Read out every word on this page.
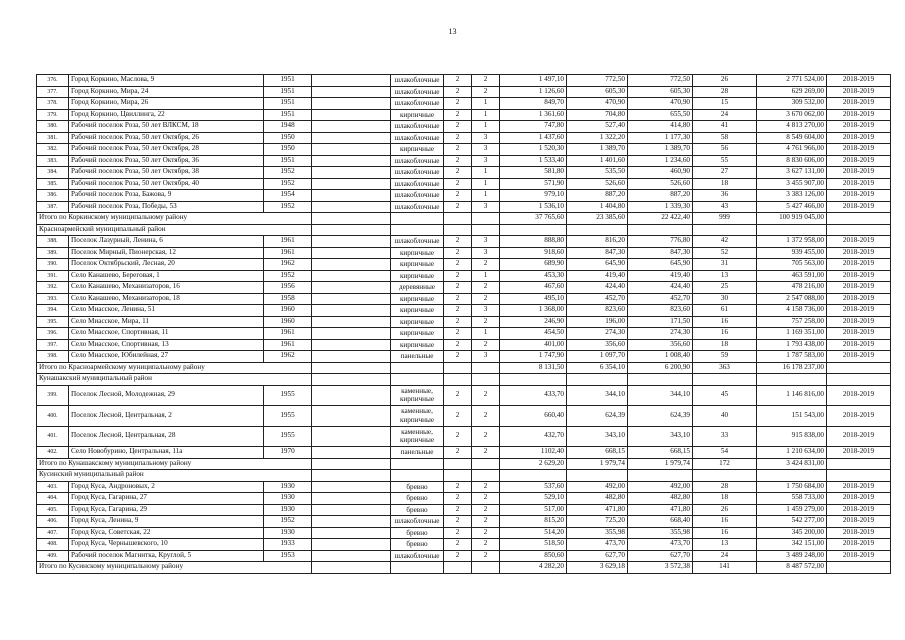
13
376.	Город Коркино, Маслова, 9	1951		шлакоблочные	2	2	1 497,10	772,50	772,50	26	2 771 524,00	2018-2019
377.	Город Коркино, Мира, 24	1951		шлакоблочные	2	2	1 126,60	605,30	605,30	28	629 269,00	2018-2019
378.	Город Коркино, Мира, 26	1951		шлакоблочные	2	1	849,70	470,90	470,90	15	309 532,00	2018-2019
379.	Город Коркино, Цвиллинга, 22	1951		кирпичные	2	1	1 361,60	704,80	655,50	24	3 670 062,00	2018-2019
380.	Рабочий поселок Роза, 50 лет ВЛКСМ, 18	1948		шлакоблочные	2	1	747,80	527,40	414,80	41	4 813 270,00	2018-2019
381.	Рабочий поселок Роза, 50 лет Октября, 26	1950		шлакоблочные	2	3	1 437,60	1 322,20	1 177,30	58	8 549 604,00	2018-2019
382.	Рабочий поселок Роза, 50 лет Октября, 28	1950		кирпичные	2	3	1 520,30	1 389,70	1 389,70	56	4 761 966,00	2018-2019
383.	Рабочий поселок Роза, 50 лет Октября, 36	1951		шлакоблочные	2	3	1 533,40	1 401,60	1 234,60	55	8 830 606,00	2018-2019
384.	Рабочий поселок Роза, 50 лет Октября, 38	1952		шлакоблочные	2	1	581,80	535,50	460,90	27	3 627 131,00	2018-2019
385.	Рабочий поселок Роза, 50 лет Октября, 40	1952		шлакоблочные	2	1	571,90	526,60	526,60	18	3 455 907,00	2018-2019
386.	Рабочий поселок Роза, Бажова, 9	1954		шлакоблочные	2	1	979,10	887,20	887,20	36	3 383 126,00	2018-2019
387.	Рабочий поселок Роза, Победы, 53	1952		шлакоблочные	2	3	1 536,10	1 404,80	1 339,30	43	5 427 466,00	2018-2019
Итого по Коркинскому муниципальному району							37 765,60	23 385,60	22 422,40	999	100 919 045,00	
Красноармейский муниципальный район												
388.	Поселок Лазурный, Ленина, 6	1961		шлакоблочные	2	3	888,80	816,20	776,80	42	1 372 958,00	2018-2019
389.	Поселок Мирный, Пионерская, 12	1961		кирпичные	2	3	918,60	847,30	847,30	52	939 455,00	2018-2019
390.	Поселок Октябрьский, Лесная, 20	1962		кирпичные	2	2	689,90	645,90	645,90	31	705 563,00	2018-2019
391.	Село Канашево, Береговая, 1	1952		кирпичные	2	1	453,30	419,40	419,40	13	463 591,00	2018-2019
392.	Село Канашево, Механизаторов, 16	1956		деревянные	2	2	467,60	424,40	424,40	25	478 216,00	2018-2019
393.	Село Канашево, Механизаторов, 18	1958		кирпичные	2	2	495,10	452,70	452,70	30	2 547 088,00	2018-2019
394.	Село Миасское, Ленина, 51	1960		кирпичные	2	3	1 368,00	823,60	823,60	61	4 158 736,00	2018-2019
395.	Село Миасское, Мира, 11	1960		кирпичные	2	2	246,90	196,00	171,50	16	757 258,00	2018-2019
396.	Село Миасское, Спортивная, 11	1961		кирпичные	2	1	454,50	274,30	274,30	16	1 169 351,00	2018-2019
397.	Село Миасское, Спортивная, 13	1961		кирпичные	2	2	401,00	356,60	356,60	18	1 793 438,00	2018-2019
398.	Село Миасское, Юбилейная, 27	1962		панельные	2	3	1 747,90	1 097,70	1 008,40	59	1 787 583,00	2018-2019
Итого по Красноармейскому муниципальному району							8 131,50	6 354,10	6 200,90	363	16 178 237,00	
Кунашакский муниципальный район												
399.	Поселок Лесной, Молодежная, 29	1955		каменные, кирпичные	2	2	433,70	344,10	344,10	45	1 146 816,00	2018-2019
400.	Поселок Лесной, Центральная, 2	1955		каменные, кирпичные	2	2	660,40	624,39	624,39	40	151 543,00	2018-2019
401.	Поселок Лесной, Центральная, 28	1955		каменные, кирпичные	2	2	432,70	343,10	343,10	33	915 838,00	2018-2019
402.	Село Новобурино, Центральная, 11а	1970		панельные	2	2	1102,40	668,15	668,15	54	1 210 634,00	2018-2019
Итого по Кунашакскому муниципальному району							2 629,20	1 979,74	1 979,74	172	3 424 831,00	
Кусинский муниципальный район												
403.	Город Куса, Андроновых, 2	1930		бревно	2	2	537,60	492,00	492,00	28	1 750 684,00	2018-2019
404.	Город Куса, Гагарина, 27	1930		бревно	2	2	529,10	482,80	482,80	18	558 733,00	2018-2019
405.	Город Куса, Гагарина, 29	1930		бревно	2	2	517,00	471,80	471,80	26	1 459 279,00	2018-2019
406.	Город Куса, Ленина, 9	1952		шлакоблочные	2	2	815,20	725,20	668,40	16	542 277,00	2018-2019
407.	Город Куса, Советская, 22	1930		бревно	2	2	514,20	355,98	355,98	16	345 200,00	2018-2019
408.	Город Куса, Чернышевского, 10	1933		бревно	2	2	518,50	473,70	473,70	13	342 151,00	2018-2019
409.	Рабочий поселок Магнитка, Круглой, 5	1953		шлакоблочные	2	2	850,60	627,70	627,70	24	3 489 248,00	2018-2019
Итого по Кусинскому муниципальному району							4 282,20	3 629,18	3 572,38	141	8 487 572,00	
